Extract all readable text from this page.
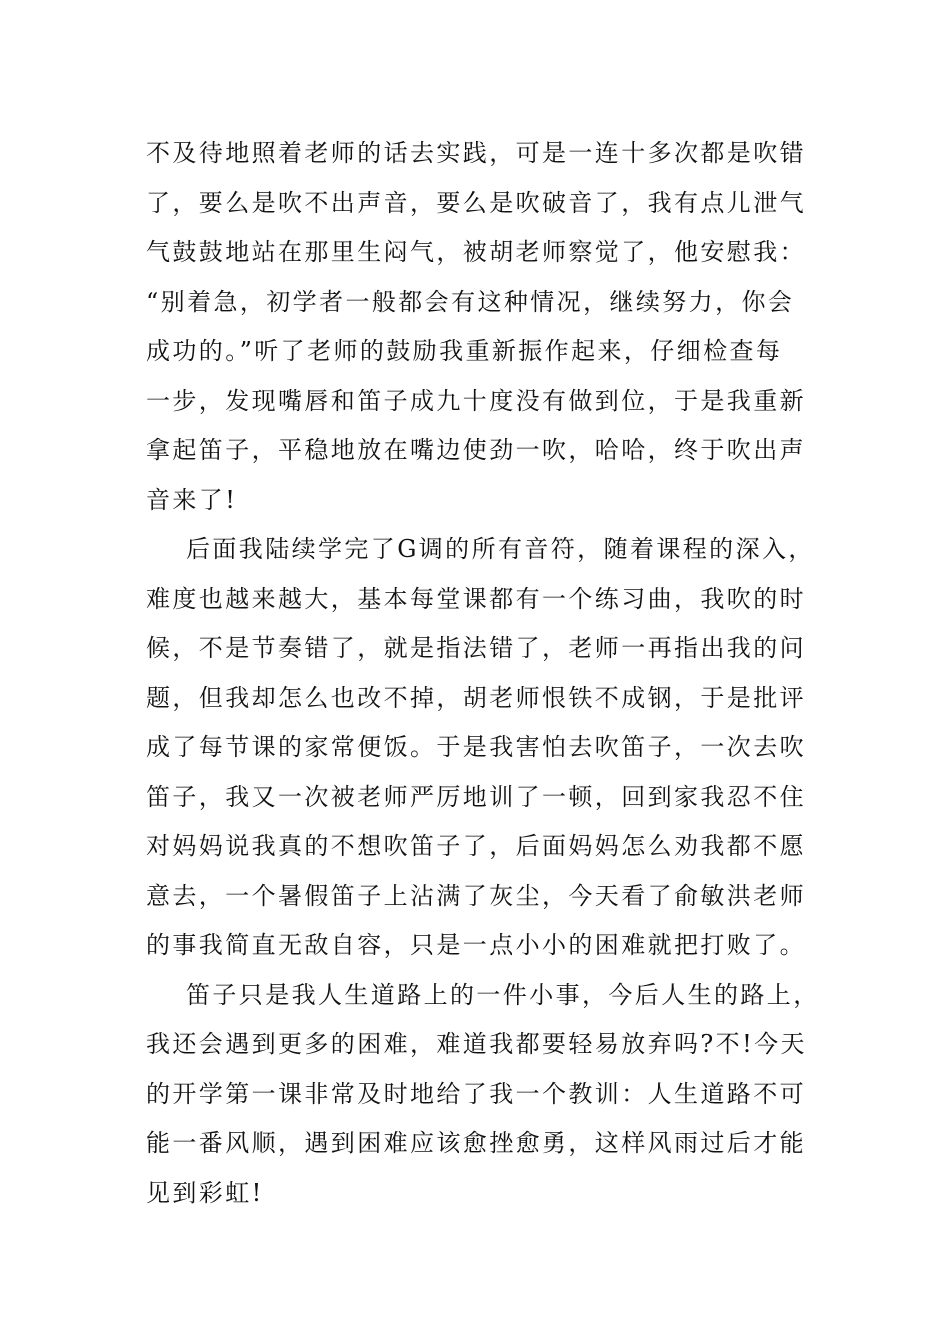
不及待地照着老师的话去实践，可是一连十多次都是吹错
了，要么是吹不出声音，要么是吹破音了，我有点儿泄气
气鼓鼓地站在那里生闷气，被胡老师察觉了，他安慰我：
“别着急，初学者一般都会有这种情况，继续努力，你会
成功的。”听了老师的鼓励我重新振作起来，仔细检查每
一步，发现嘴唇和笛子成九十度没有做到位，于是我重新
拿起笛子，平稳地放在嘴边使劲一吹，哈哈，终于吹出声
音来了!
后面我陆续学完了G调的所有音符，随着课程的深入，
难度也越来越大，基本每堂课都有一个练习曲，我吹的时
候，不是节奏错了，就是指法错了，老师一再指出我的问
题，但我却怎么也改不掉，胡老师恨铁不成钢，于是批评
成了每节课的家常便饭。于是我害怕去吹笛子，一次去吹
笛子，我又一次被老师严厉地训了一顿，回到家我忍不住
对妈妈说我真的不想吹笛子了，后面妈妈怎么劝我都不愿
意去，一个暑假笛子上沾满了灰尘，今天看了俞敏洪老师
的事我简直无敌自容，只是一点小小的困难就把打败了。
笛子只是我人生道路上的一件小事，今后人生的路上，
我还会遇到更多的困难，难道我都要轻易放弃吗?不!今天
的开学第一课非常及时地给了我一个教训：人生道路不可
能一番风顺，遇到困难应该愈挫愈勇，这样风雨过后才能
见到彩虹!
